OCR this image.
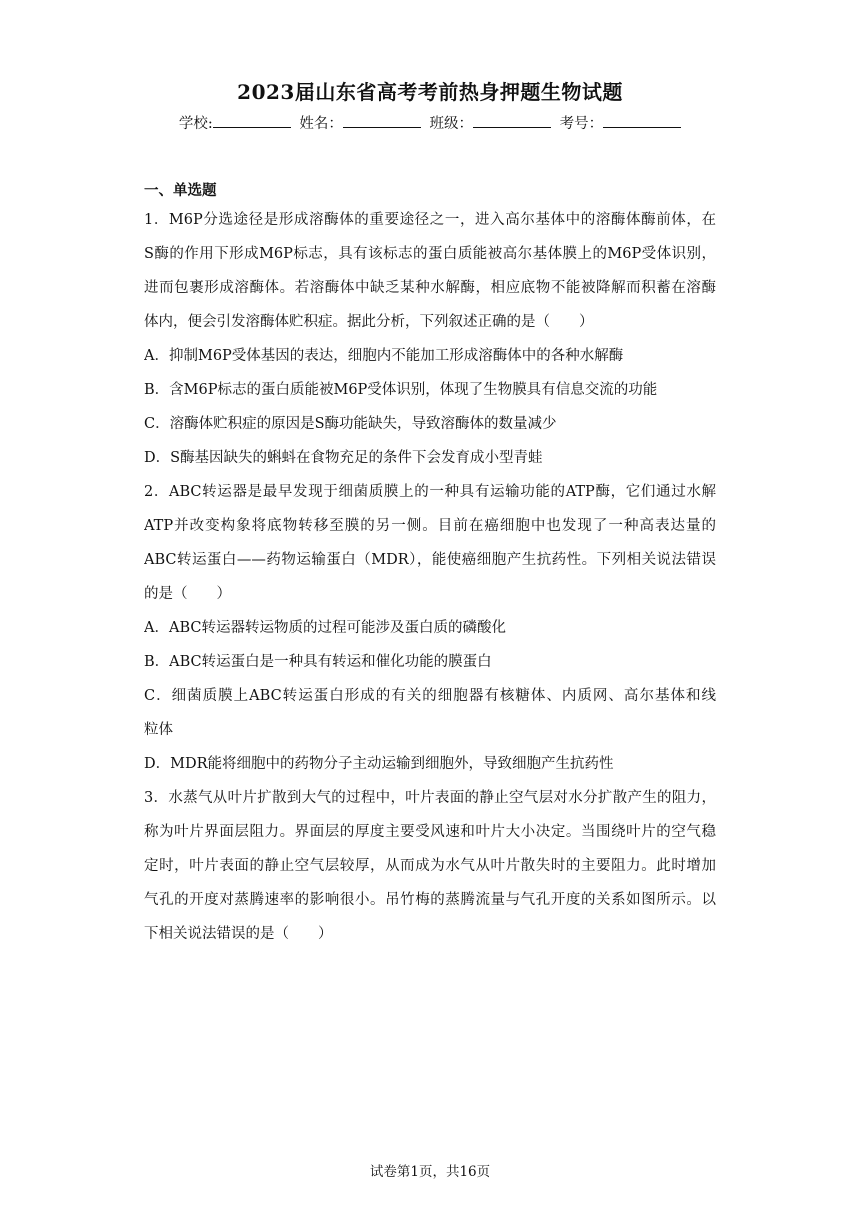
2023届山东省高考考前热身押题生物试题
学校:	姓名：	班级：	考号：
一、单选题
1．M6P分选途径是形成溶酶体的重要途径之一，进入高尔基体中的溶酶体酶前体，在
S酶的作用下形成M6P标志，具有该标志的蛋白质能被高尔基体膜上的M6P受体识别，
进而包裹形成溶酶体。若溶酶体中缺乏某种水解酶，相应底物不能被降解而积蓄在溶酶
体内，便会引发溶酶体贮积症。据此分析，下列叙述正确的是（　　）
A．抑制M6P受体基因的表达，细胞内不能加工形成溶酶体中的各种水解酶
B．含M6P标志的蛋白质能被M6P受体识别，体现了生物膜具有信息交流的功能
C．溶酶体贮积症的原因是S酶功能缺失，导致溶酶体的数量减少
D．S酶基因缺失的蝌蚪在食物充足的条件下会发育成小型青蛙
2．ABC转运器是最早发现于细菌质膜上的一种具有运输功能的ATP酶，它们通过水解
ATP并改变构象将底物转移至膜的另一侧。目前在癌细胞中也发现了一种高表达量的
ABC转运蛋白——药物运输蛋白（MDR），能使癌细胞产生抗药性。下列相关说法错误
的是（　　）
A．ABC转运器转运物质的过程可能涉及蛋白质的磷酸化
B．ABC转运蛋白是一种具有转运和催化功能的膜蛋白
C．细菌质膜上ABC转运蛋白形成的有关的细胞器有核糖体、内质网、高尔基体和线
粒体
D．MDR能将细胞中的药物分子主动运输到细胞外，导致细胞产生抗药性
3．水蒸气从叶片扩散到大气的过程中，叶片表面的静止空气层对水分扩散产生的阻力，
称为叶片界面层阻力。界面层的厚度主要受风速和叶片大小决定。当围绕叶片的空气稳
定时，叶片表面的静止空气层较厚，从而成为水气从叶片散失时的主要阻力。此时增加
气孔的开度对蒸腾速率的影响很小。吊竹梅的蒸腾流量与气孔开度的关系如图所示。以
下相关说法错误的是（　　）
试卷第1页，共16页
